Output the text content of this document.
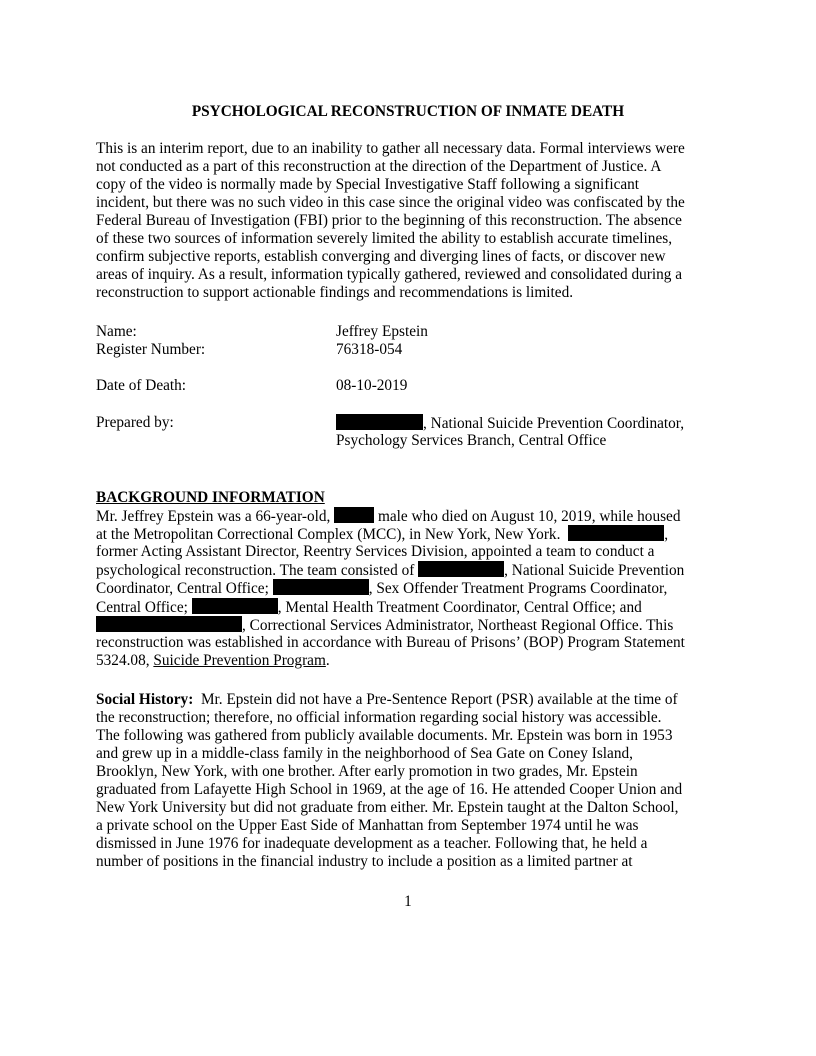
PSYCHOLOGICAL RECONSTRUCTION OF INMATE DEATH
This is an interim report, due to an inability to gather all necessary data. Formal interviews were
not conducted as a part of this reconstruction at the direction of the Department of Justice. A
copy of the video is normally made by Special Investigative Staff following a significant
incident, but there was no such video in this case since the original video was confiscated by the
Federal Bureau of Investigation (FBI) prior to the beginning of this reconstruction. The absence
of these two sources of information severely limited the ability to establish accurate timelines,
confirm subjective reports, establish converging and diverging lines of facts, or discover new
areas of inquiry. As a result, information typically gathered, reviewed and consolidated during a
reconstruction to support actionable findings and recommendations is limited.
Name:	Jeffrey Epstein
Register Number:	76318-054
Date of Death:	08-10-2019
Prepared by:	, National Suicide Prevention Coordinator,
Psychology Services Branch, Central Office
BACKGROUND INFORMATION
Mr. Jeffrey Epstein was a 66-year-old,	male who died on August 10, 2019, while housed
at the Metropolitan Correctional Complex (MCC), in New York, New York.	,
former Acting Assistant Director, Reentry Services Division, appointed a team to conduct a
psychological reconstruction. The team consisted of	, National Suicide Prevention
Coordinator, Central Office;	, Sex Offender Treatment Programs Coordinator,
Central Office;	, Mental Health Treatment Coordinator, Central Office; and
, Correctional Services Administrator, Northeast Regional Office. This
reconstruction was established in accordance with Bureau of Prisons’ (BOP) Program Statement
5324.08, Suicide Prevention Program.
Social History:  Mr. Epstein did not have a Pre-Sentence Report (PSR) available at the time of
the reconstruction; therefore, no official information regarding social history was accessible.
The following was gathered from publicly available documents. Mr. Epstein was born in 1953
and grew up in a middle-class family in the neighborhood of Sea Gate on Coney Island,
Brooklyn, New York, with one brother. After early promotion in two grades, Mr. Epstein
graduated from Lafayette High School in 1969, at the age of 16. He attended Cooper Union and
New York University but did not graduate from either. Mr. Epstein taught at the Dalton School,
a private school on the Upper East Side of Manhattan from September 1974 until he was
dismissed in June 1976 for inadequate development as a teacher. Following that, he held a
number of positions in the financial industry to include a position as a limited partner at
1
